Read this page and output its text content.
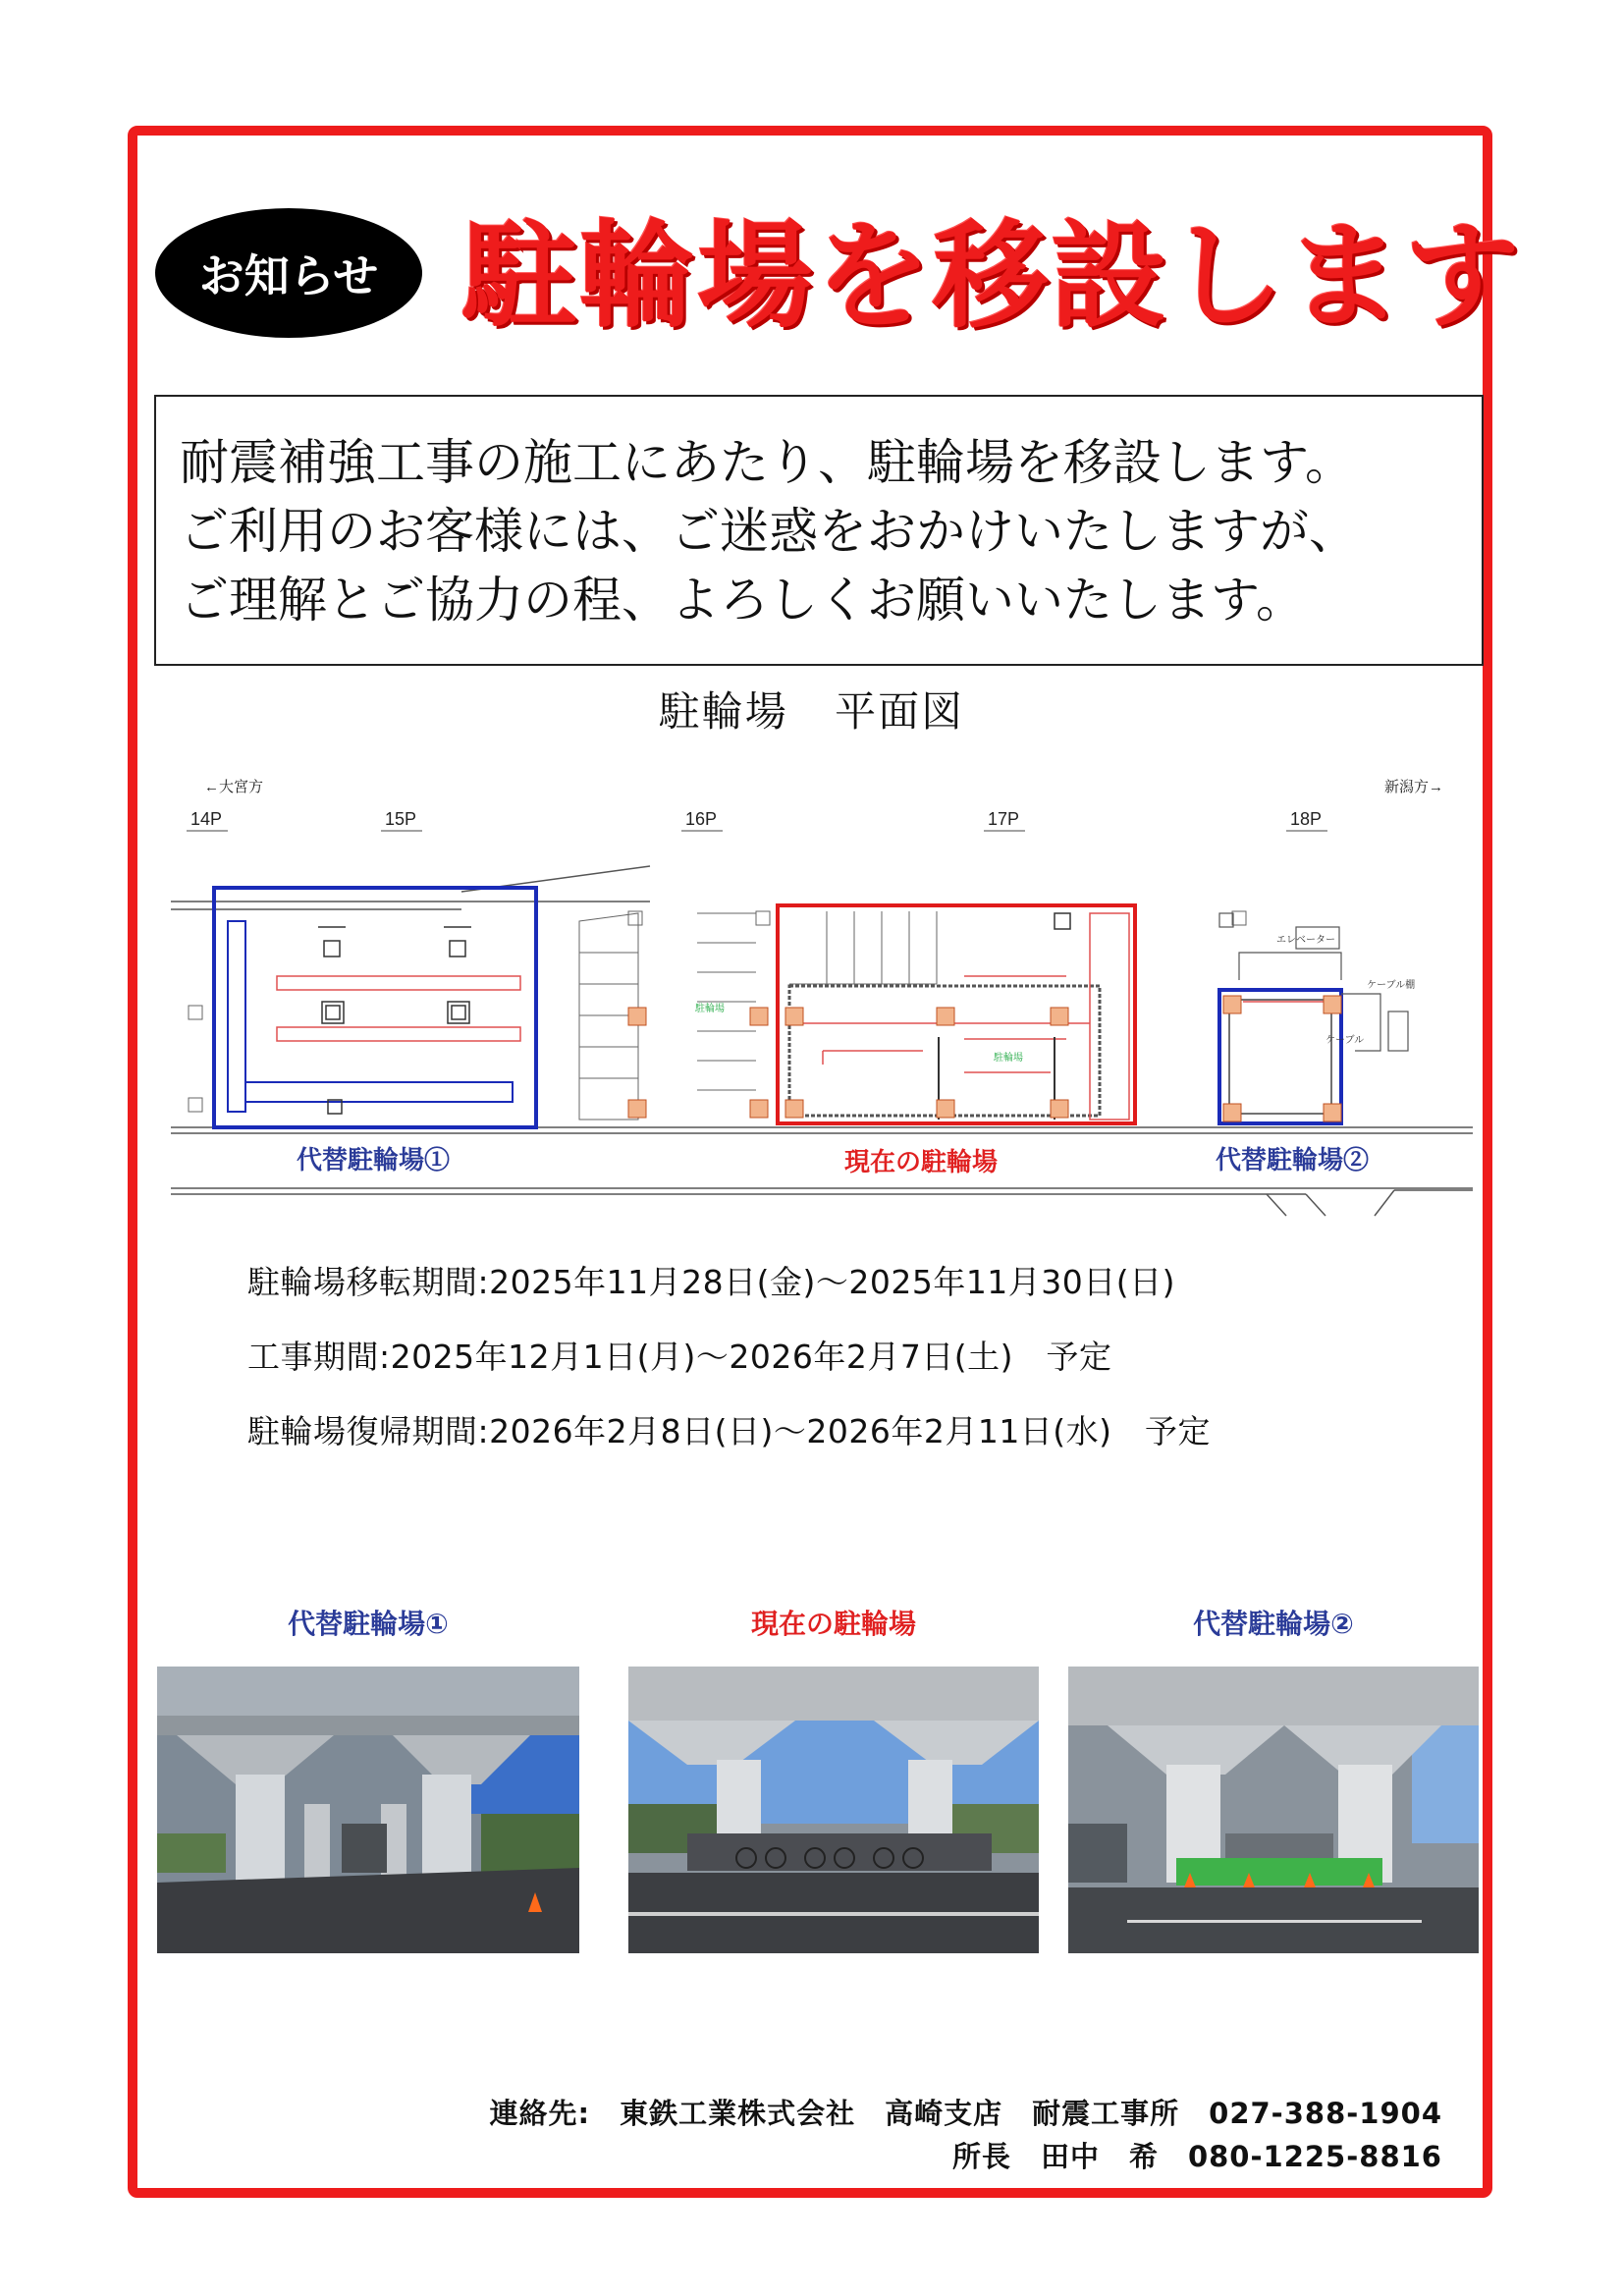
お知らせ 駐輪場を移設します
耐震補強工事の施工にあたり、駐輪場を移設します。
ご利用のお客様には、ご迷惑をおかけいたしますが、
ご理解とご協力の程、よろしくお願いいたします。
駐輪場 平面図
←大宮方	新潟方→
14P	15P	16P	17P	18P
駐輪場
駐輪場
エレベーター
ケーブル棚
ケーブル
代替駐輪場①	現在の駐輪場	代替駐輪場②
駐輪場移転期間:2025年11月28日(金)～2025年11月30日(日)
工事期間:2025年12月1日(月)～2026年2月7日(土)　予定
駐輪場復帰期間:2026年2月8日(日)～2026年2月11日(水)　予定
代替駐輪場①	現在の駐輪場	代替駐輪場②
連絡先:　東鉄工業株式会社　高崎支店　耐震工事所　027-388-1904
所長　田中　希　080-1225-8816
